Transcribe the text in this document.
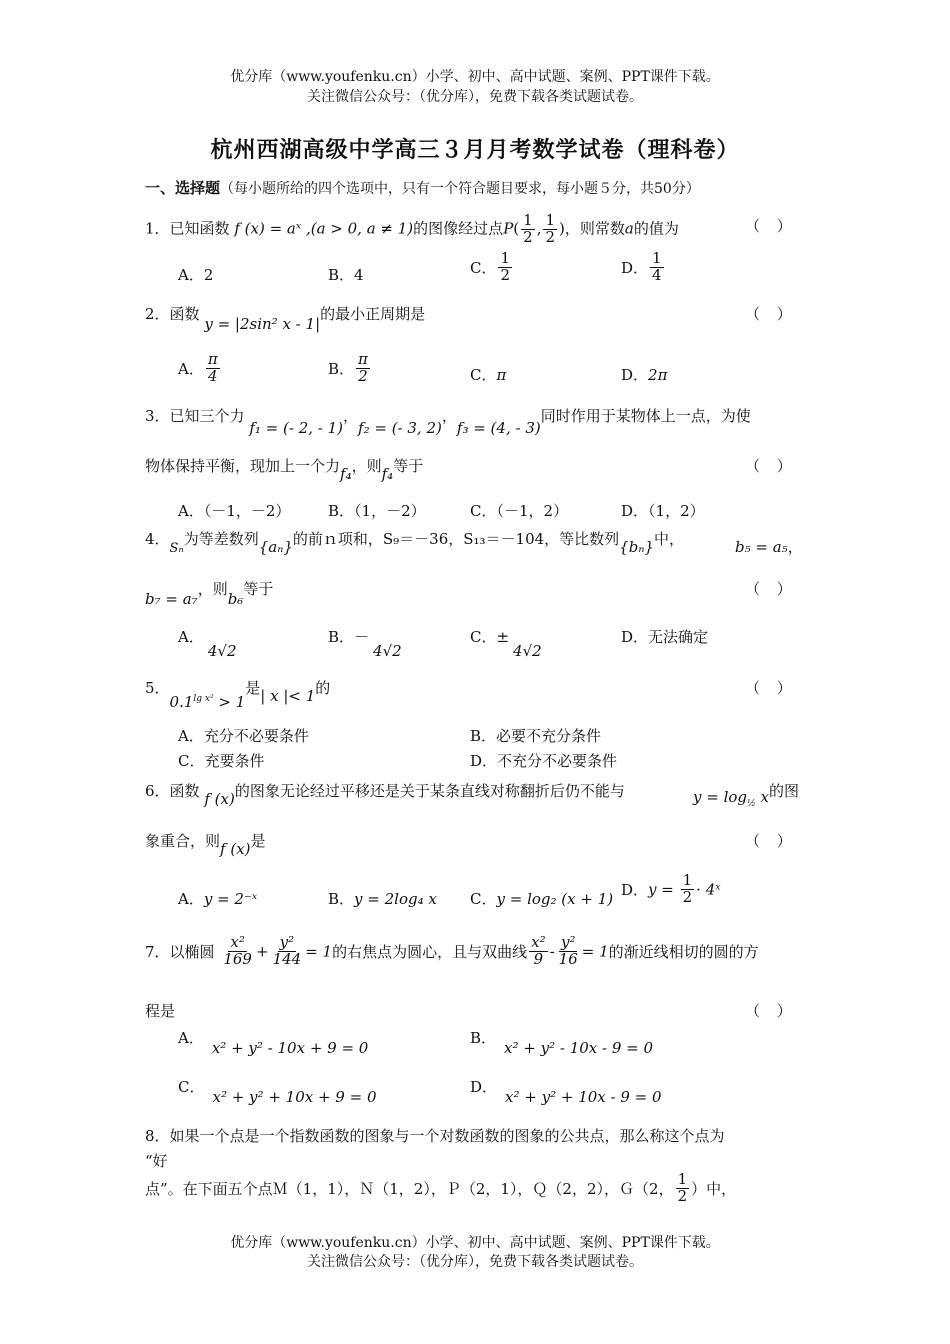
优分库（www.youfenku.cn）小学、初中、高中试题、案例、PPT课件下载。
关注微信公众号：（优分库），免费下载各类试题试卷。
杭州西湖高级中学高三３月月考数学试卷（理科卷）
一、选择题（每小题所给的四个选项中，只有一个符合题目要求，每小题５分，共50分）
1．已知函数 f (x) = aˣ ,(a > 0, a ≠ 1)的图像经过点$P( \frac{1}{2}$ , $\frac{1}{2}$ )，则常数a的值为	（ ）
A．2	B．4	C． $\frac{1}{2}$	D． $\frac{1}{4}$
2．函数 y = |2sin² x - 1|的最小正周期是	（ ）
A． $\frac{\pi}{4}$	B． $\frac{\pi}{2}$	C．π	D．2π
3．已知三个力 f₁ = (- 2, - 1)，f₂ = (- 3, 2)，f₃ = (4, - 3)同时作用于某物体上一点，为使
物体保持平衡，现加上一个力f₄，则f₄等于	（ ）
A．（－1，－2）	B．（1，－2）	C．（－1，2）	D．（1，2）
4．Sₙ为等差数列{aₙ}的前ｎ项和，S₉＝－36，S₁₃＝－104，等比数列{bₙ}中，	b₅ = a₅，
b₇ = a₇，则b₆等于	（ ）
A．4√2
B．－4√2
C．±4√2
D．无法确定
5．$0.1^{lg x^2} > 1$是| x |< 1的	（ ）
A．充分不必要条件	B．必要不充分条件
C．充要条件	D．不充分不必要条件
6．函数 f (x)的图象无论经过平移还是关于某条直线对称翻折后仍不能与	$y = \log_{\frac{1}{2}} x$的图
象重合，则f (x)是	（ ）
A．y = 2⁻ˣ	B．y = 2log₄ x C．y = log₂ (x + 1)
D．$y = \frac{1}{2}$ · 4ˣ
7．以椭圆 $\frac{\text{x²}}{169} + \frac{\text{y²}}{144} = 1$的右焦点为圆心，且与双曲线 $\frac{\text{x²}}{9} - \frac{\text{y²}}{16} = 1$的渐近线相切的圆的方
程是	（ ）
A．x² + y² - 10x + 9 = 0
B．x² + y² - 10x - 9 = 0
C．x² + y² + 10x + 9 = 0
D．x² + y² + 10x - 9 = 0
8．如果一个点是一个指数函数的图象与一个对数函数的图象的公共点，那么称这个点为
“好
点”。在下面五个点Ｍ（1，1），Ｎ（1，2），Ｐ（2，1），Ｑ（2，2），Ｇ（2， $\frac{1}{2}$ ）中，
优分库（www.youfenku.cn）小学、初中、高中试题、案例、PPT课件下载。
关注微信公众号：（优分库），免费下载各类试题试卷。
